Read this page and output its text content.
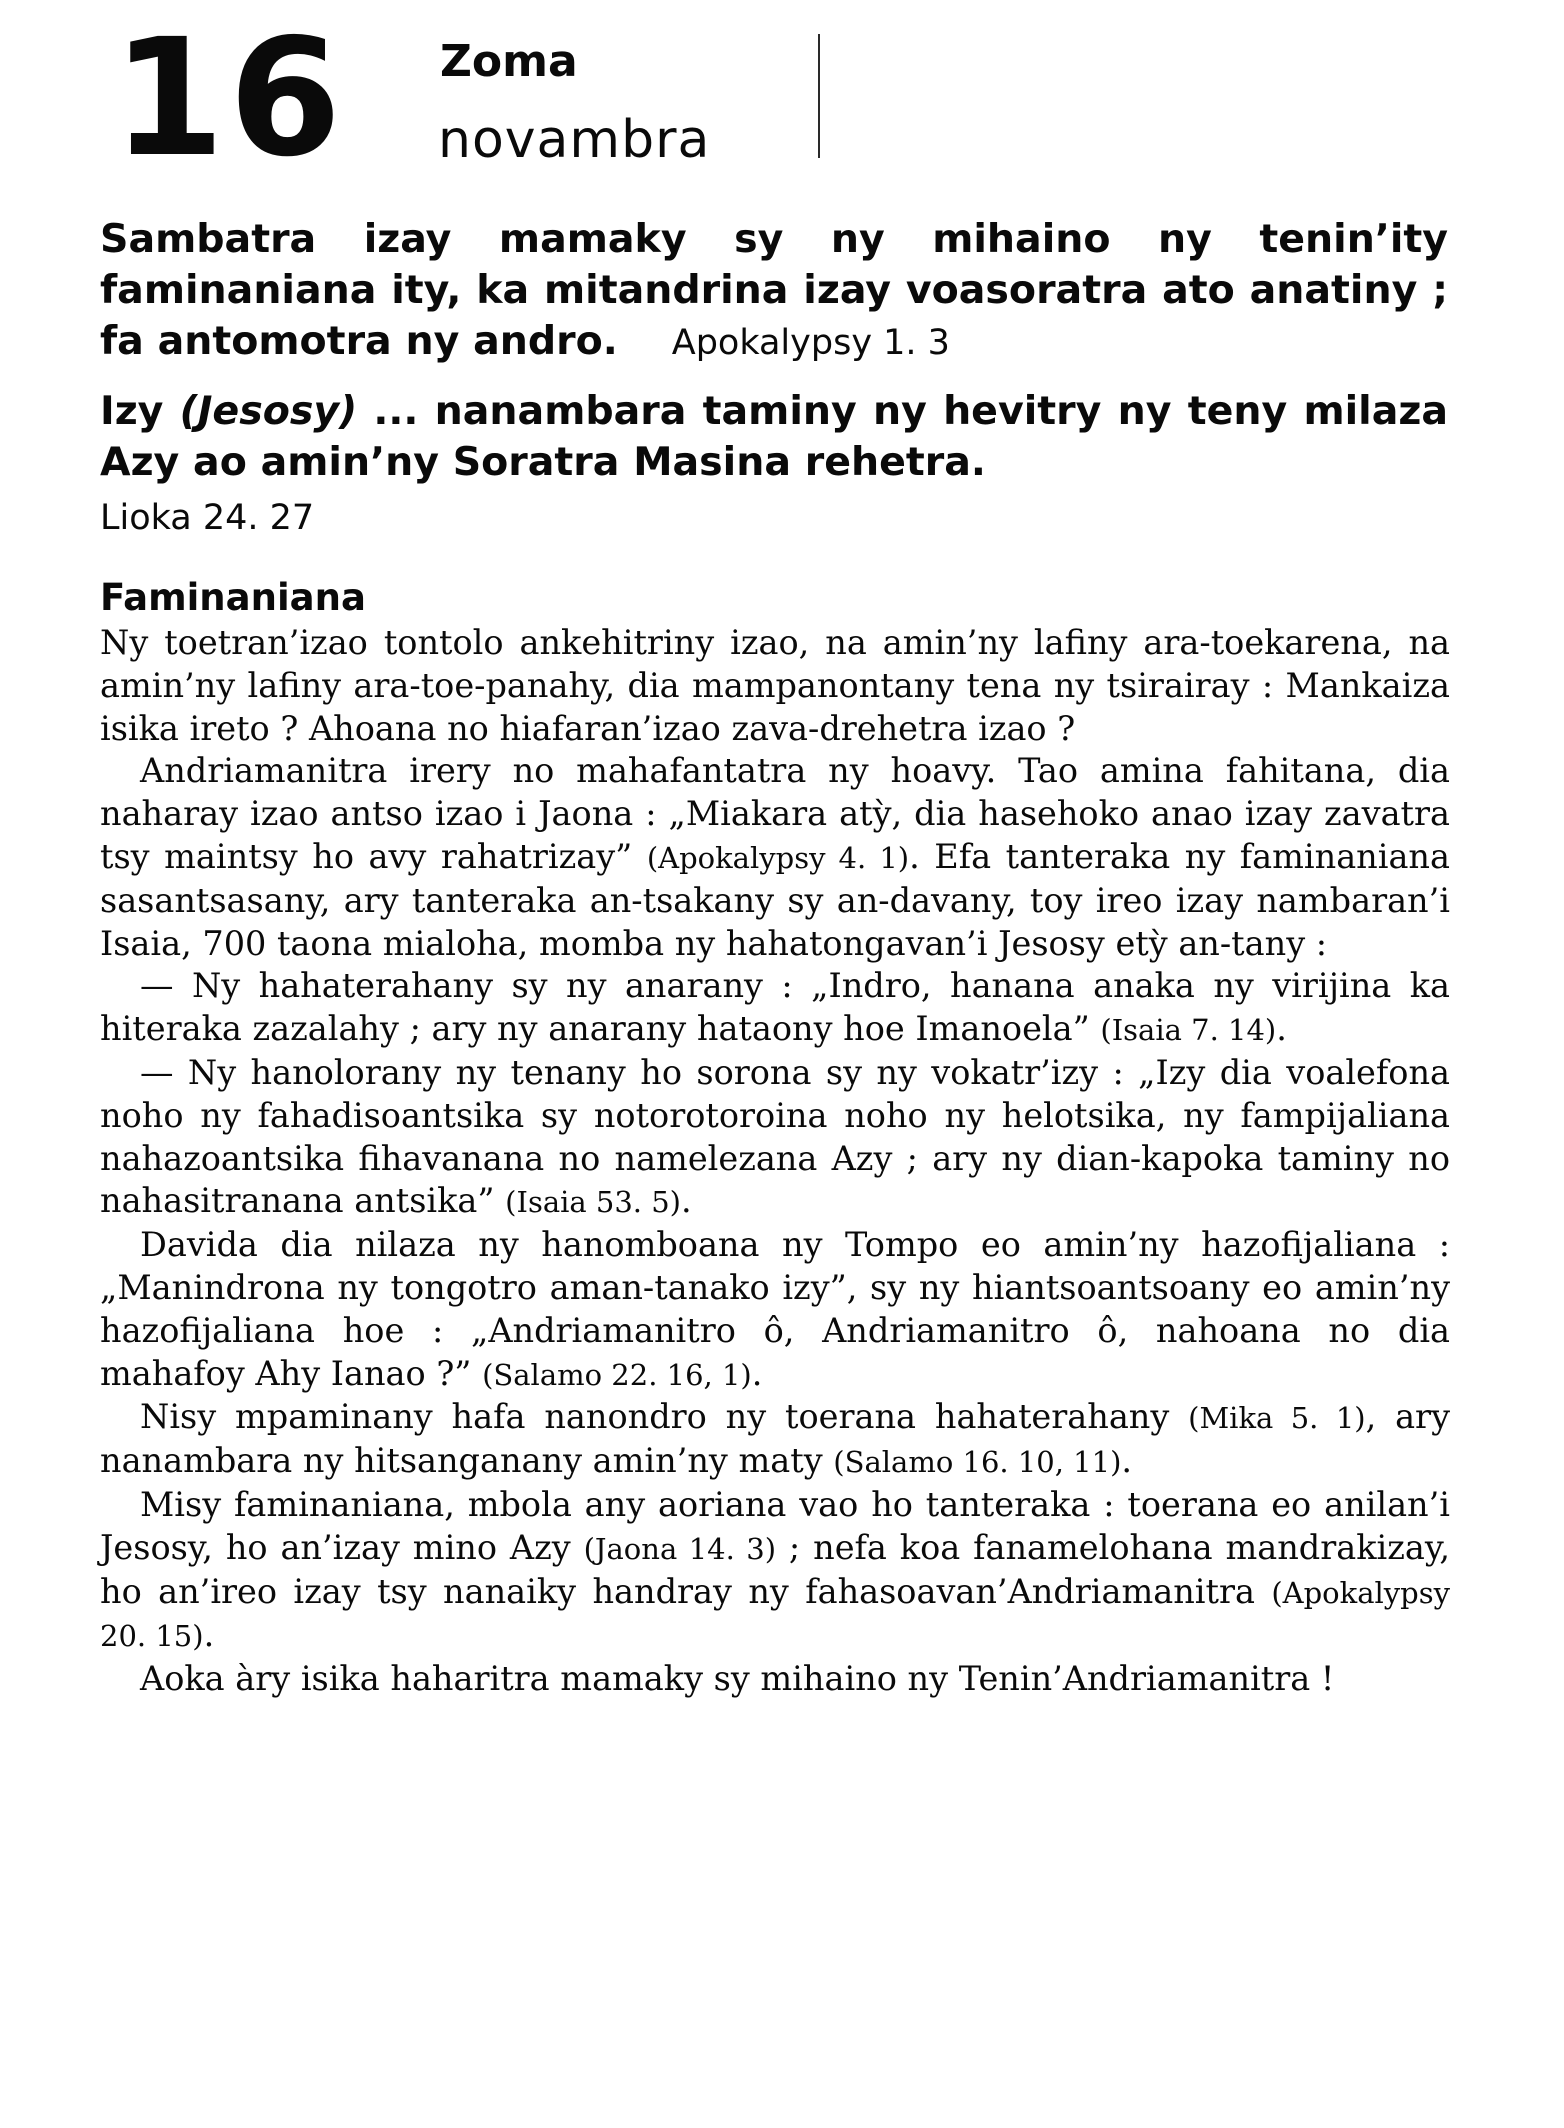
16 Zoma
novambra
Sambatra izay mamaky sy ny mihaino ny tenin’ity faminaniana ity, ka mitandrina izay voasoratra ato anatiny ; fa antomotra ny andro. Apokalypsy 1. 3
Izy (Jesosy) ... nanambara taminy ny hevitry ny teny milaza Azy ao amin’ny Soratra Masina rehetra.
Lioka 24. 27
Faminaniana

Ny toetran’izao tontolo ankehitriny izao, na amin’ny lafiny ara-toekarena, na amin’ny lafiny ara-toe-panahy, dia mampanontany tena ny tsirairay : Mankaiza isika ireto ? Ahoana no hiafaran’izao zava-drehetra izao ?

Andriamanitra irery no mahafantatra ny hoavy. Tao amina fahitana, dia naharay izao antso izao i Jaona : „Miakara atỳ, dia hasehoko anao izay zavatra tsy maintsy ho avy rahatrizay” (Apokalypsy 4. 1). Efa tanteraka ny faminaniana sasantsasany, ary tanteraka an-tsakany sy an-davany, toy ireo izay nambaran’i Isaia, 700 taona mialoha, momba ny hahatongavan’i Jesosy etỳ an-tany :

— Ny hahaterahany sy ny anarany : „Indro, hanana anaka ny virijina ka hiteraka zazalahy ; ary ny anarany hataony hoe Imanoela” (Isaia 7. 14).

— Ny hanolorany ny tenany ho sorona sy ny vokatr’izy : „Izy dia voalefona noho ny fahadisoantsika sy notorotoroina noho ny helotsika, ny fampijaliana nahazoantsika fihavanana no namelezana Azy ; ary ny dian-kapoka taminy no nahasitranana antsika” (Isaia 53. 5).

Davida dia nilaza ny hanomboana ny Tompo eo amin’ny hazofijaliana : „Manindrona ny tongotro aman-tanako izy”, sy ny hiantsoantsoany eo amin’ny hazofijaliana hoe : „Andriamanitro ô, Andriamanitro ô, nahoana no dia mahafoy Ahy Ianao ?” (Salamo 22. 16, 1).

Nisy mpaminany hafa nanondro ny toerana hahaterahany (Mika 5. 1), ary nanambara ny hitsanganany amin’ny maty (Salamo 16. 10, 11).

Misy faminaniana, mbola any aoriana vao ho tanteraka : toerana eo anilan’i Jesosy, ho an’izay mino Azy (Jaona 14. 3) ; nefa koa fanamelohana mandrakizay, ho an’ireo izay tsy nanaiky handray ny fahasoavan’Andriamanitra (Apokalypsy 20. 15).

Aoka àry isika haharitra mamaky sy mihaino ny Tenin’Andriamanitra !
